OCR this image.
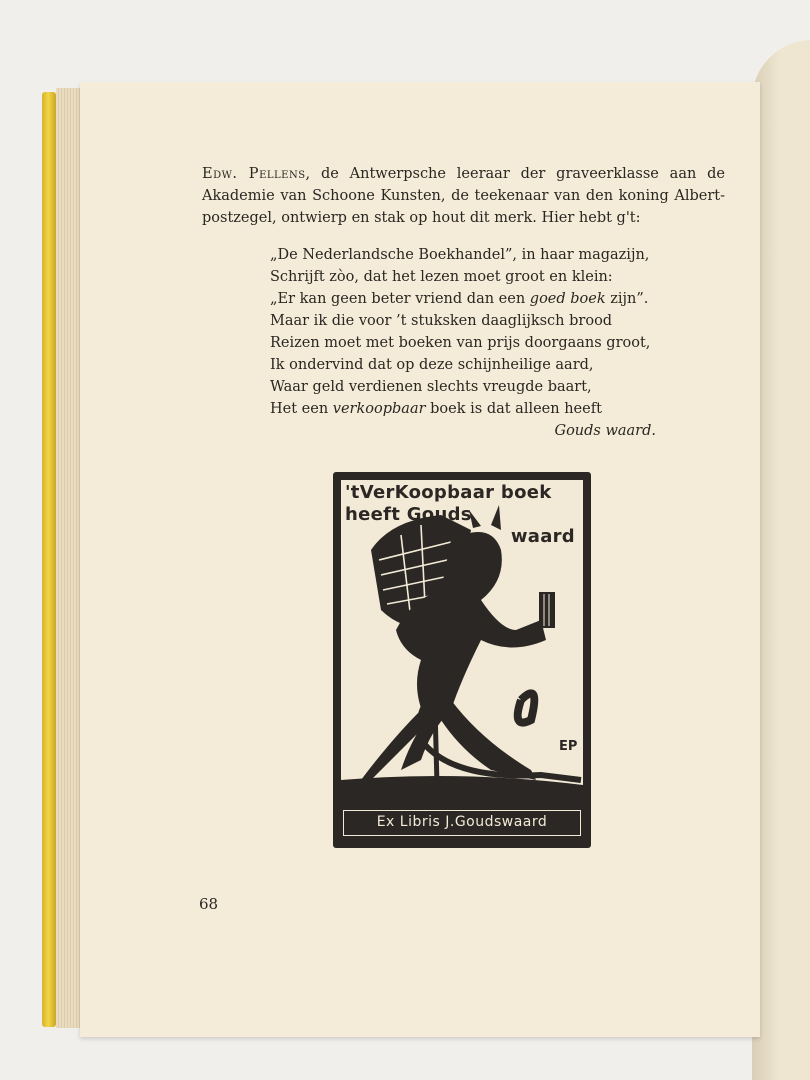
Edw. Pellens, de Antwerpsche leeraar der graveerklasse aan de
Akademie van Schoone Kunsten, de teekenaar van den koning Albert-
postzegel, ontwierp en stak op hout dit merk. Hier hebt g't:
„De Nederlandsche Boekhandel”, in haar magazijn,
Schrijft zòo, dat het lezen moet groot en klein:
„Er kan geen beter vriend dan een goed boek zijn”.
Maar ik die voor ’t stuksken daaglijksch brood
Reizen moet met boeken van prijs doorgaans groot,
Ik ondervind dat op deze schijnheilige aard,
Waar geld verdienen slechts vreugde baart,
Het een verkoopbaar boek is dat alleen heeft
Gouds waard.
EP
'tVerKoopbaar boek
heeft Gouds
waard
Ex Libris J.Goudswaard
68
